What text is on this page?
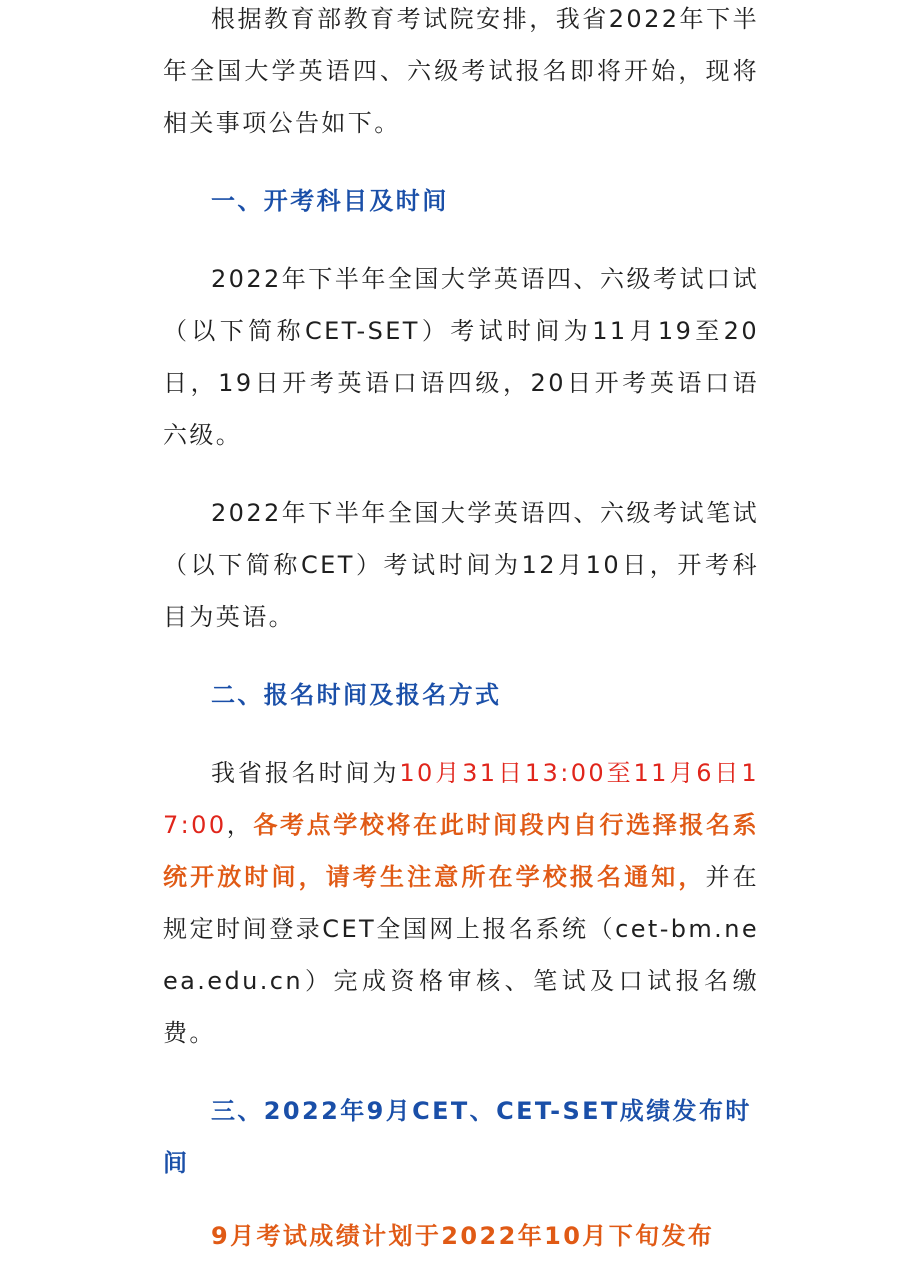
根据教育部教育考试院安排，我省2022年下半年全国大学英语四、六级考试报名即将开始，现将相关事项公告如下。

一、开考科目及时间

2022年下半年全国大学英语四、六级考试口试（以下简称CET-SET）考试时间为11月19至20日，19日开考英语口语四级，20日开考英语口语六级。

2022年下半年全国大学英语四、六级考试笔试（以下简称CET）考试时间为12月10日，开考科目为英语。

二、报名时间及报名方式

我省报名时间为10月31日13:00至11月6日17:00，各考点学校将在此时间段内自行选择报名系统开放时间，请考生注意所在学校报名通知，并在规定时间登录CET全国网上报名系统（cet-bm.neea.edu.cn）完成资格审核、笔试及口试报名缴费。

三、2022年9月CET、CET-SET成绩发布时间

9月考试成绩计划于2022年10月下旬发布
